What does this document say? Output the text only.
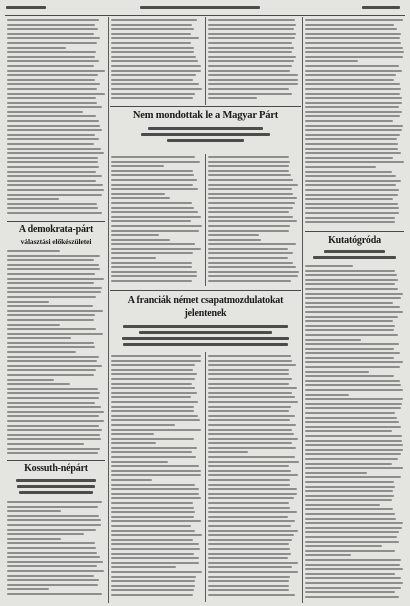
A demokrata-párt
választási előkészületei
Kossuth-népárt
Nem mondottak le a Magyar Párt
A franciák német csapatmozdulatokat
jelentenek
Kutatógróda
